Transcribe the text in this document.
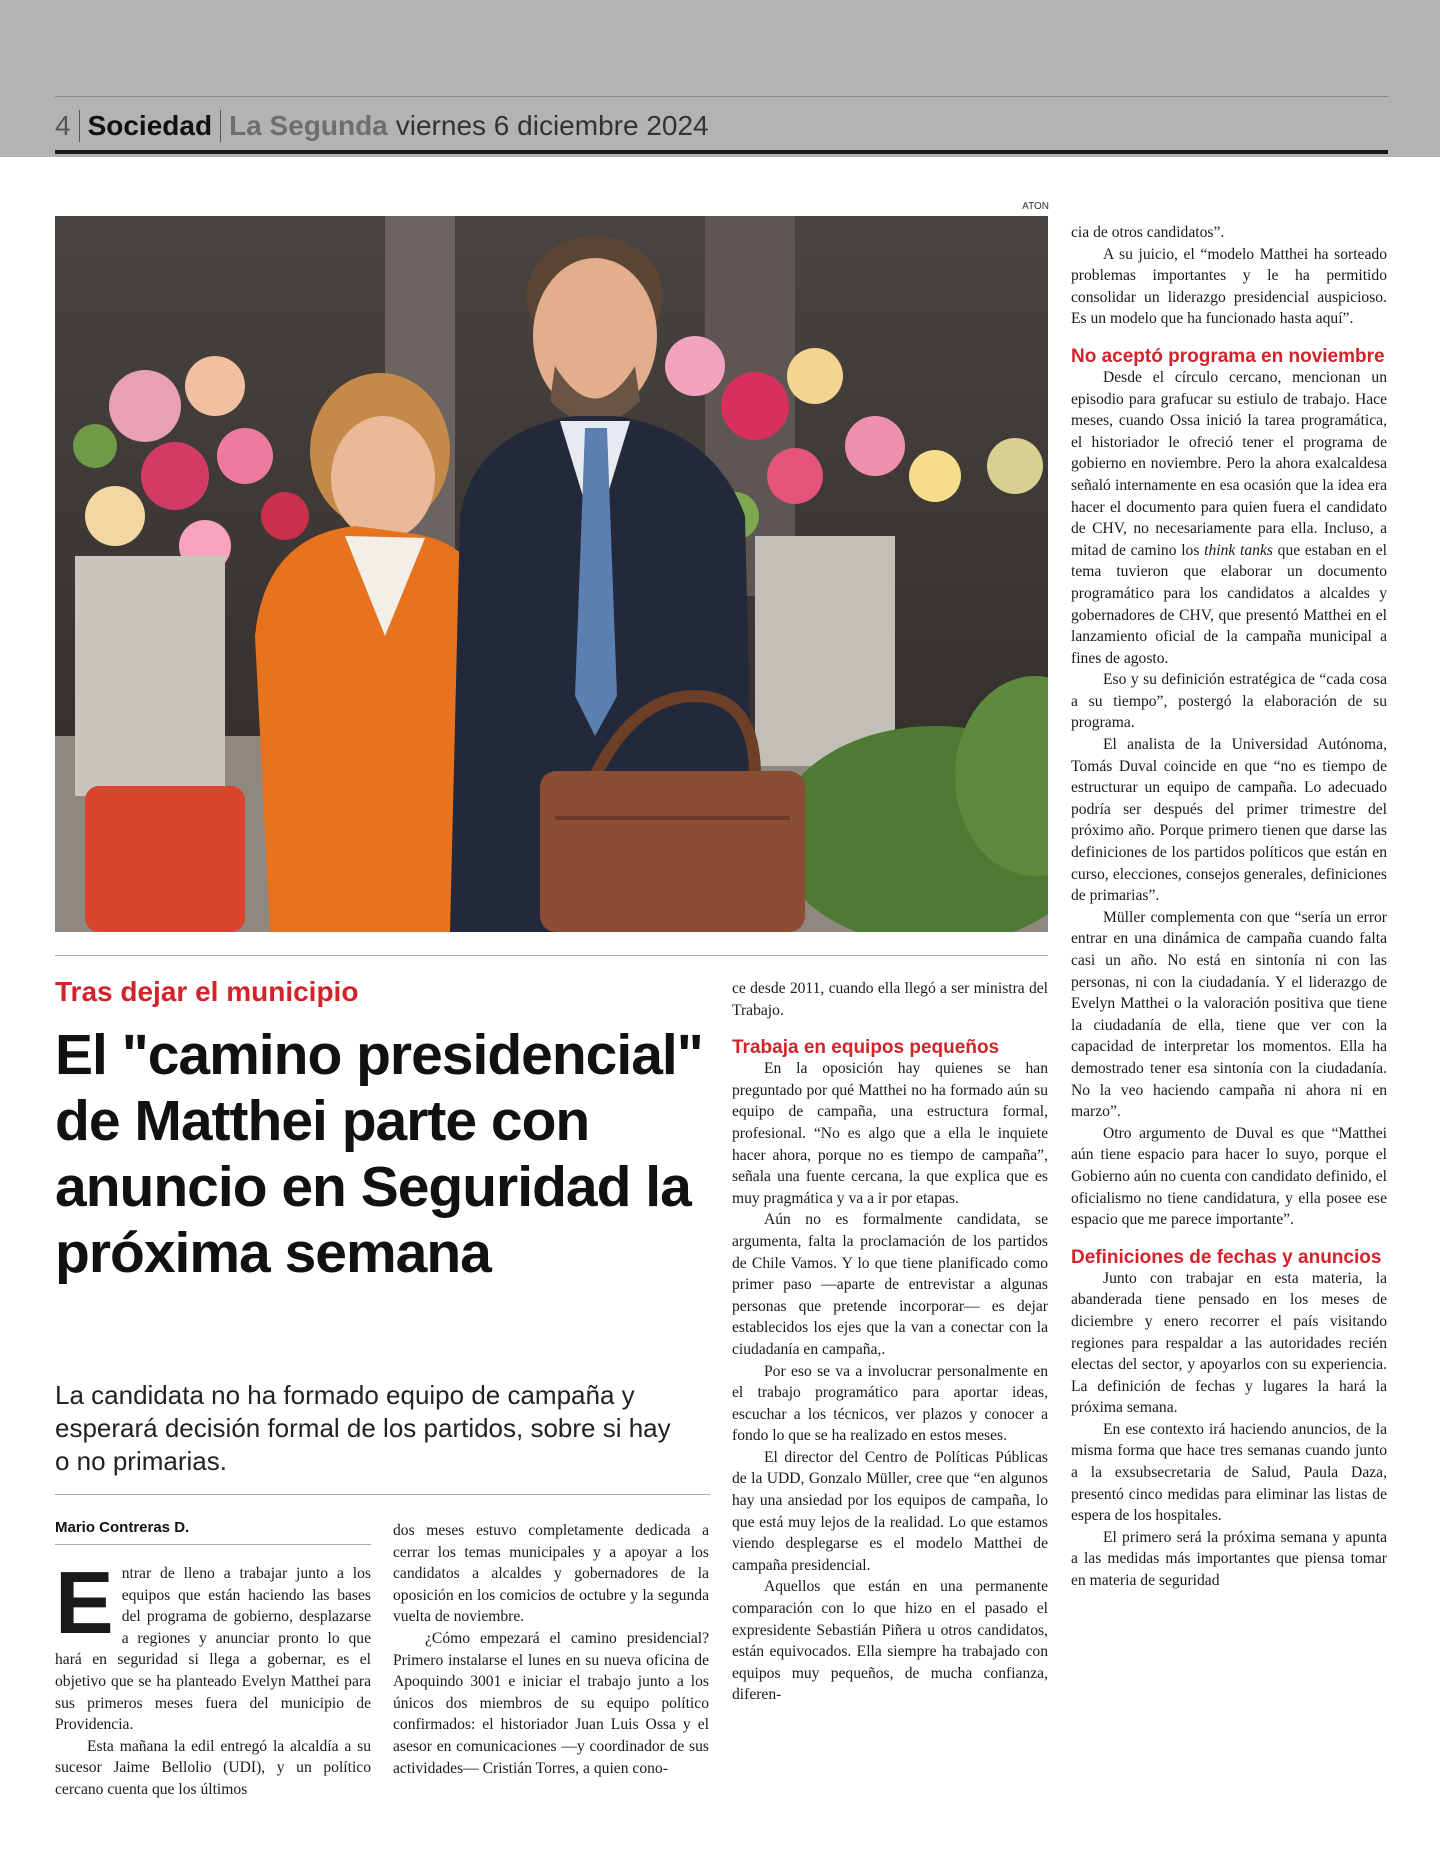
4 Sociedad La Segunda viernes 6 diciembre 2024
ATON
Tras dejar el municipio
El "camino presidencial" de Matthei parte con anuncio en Seguridad la próxima semana
La candidata no ha formado equipo de campaña y esperará decisión formal de los partidos, sobre si hay o no primarias.
Mario Contreras D.
E ntrar de lleno a trabajar junto a los equipos que están haciendo las bases del programa de gobierno, desplazarse a regiones y anunciar pronto lo que hará en seguridad si llega a gobernar, es el objetivo que se ha planteado Evelyn Matthei para sus primeros meses fuera del municipio de Providencia.

Esta mañana la edil entregó la alcaldía a su sucesor Jaime Bellolio (UDI), y un político cercano cuenta que los últimos

dos meses estuvo completamente dedicada a cerrar los temas municipales y a apoyar a los candidatos a alcaldes y gobernadores de la oposición en los comicios de octubre y la segunda vuelta de noviembre.

¿Cómo empezará el camino presidencial? Primero instalarse el lunes en su nueva oficina de Apoquindo 3001 e iniciar el trabajo junto a los únicos dos miembros de su equipo político confirmados: el historiador Juan Luis Ossa y el asesor en comunicaciones —y coordinador de sus actividades— Cristián Torres, a quien cono-

ce desde 2011, cuando ella llegó a ser ministra del Trabajo.

Trabaja en equipos pequeños

En la oposición hay quienes se han preguntado por qué Matthei no ha formado aún su equipo de campaña, una estructura formal, profesional. “No es algo que a ella le inquiete hacer ahora, porque no es tiempo de campaña”, señala una fuente cercana, la que explica que es muy pragmática y va a ir por etapas.

Aún no es formalmente candidata, se argumenta, falta la proclamación de los partidos de Chile Vamos. Y lo que tiene planificado como primer paso —aparte de entrevistar a algunas personas que pretende incorporar— es dejar establecidos los ejes que la van a conectar con la ciudadanía en campaña,.

Por eso se va a involucrar personalmente en el trabajo programático para aportar ideas, escuchar a los técnicos, ver plazos y conocer a fondo lo que se ha realizado en estos meses.

El director del Centro de Políticas Públicas de la UDD, Gonzalo Müller, cree que “en algunos hay una ansiedad por los equipos de campaña, lo que está muy lejos de la realidad. Lo que estamos viendo desplegarse es el modelo Matthei de campaña presidencial.

Aquellos que están en una permanente comparación con lo que hizo en el pasado el expresidente Sebastián Piñera u otros candidatos, están equivocados. Ella siempre ha trabajado con equipos muy pequeños, de mucha confianza, diferen-

cia de otros candidatos”.

A su juicio, el “modelo Matthei ha sorteado problemas importantes y le ha permitido consolidar un liderazgo presidencial auspicioso. Es un modelo que ha funcionado hasta aquí”.

No aceptó programa en noviembre

Desde el círculo cercano, mencionan un episodio para grafucar su estiulo de trabajo. Hace meses, cuando Ossa inició la tarea programática, el historiador le ofreció tener el programa de gobierno en noviembre. Pero la ahora exalcaldesa señaló internamente en esa ocasión que la idea era hacer el documento para quien fuera el candidato de CHV, no necesariamente para ella. Incluso, a mitad de camino los think tanks que estaban en el tema tuvieron que elaborar un documento programático para los candidatos a alcaldes y gobernadores de CHV, que presentó Matthei en el lanzamiento oficial de la campaña municipal a fines de agosto.

Eso y su definición estratégica de “cada cosa a su tiempo”, postergó la elaboración de su programa.

El analista de la Universidad Autónoma, Tomás Duval coincide en que “no es tiempo de estructurar un equipo de campaña. Lo adecuado podría ser después del primer trimestre del próximo año. Porque primero tienen que darse las definiciones de los partidos políticos que están en curso, elecciones, consejos generales, definiciones de primarias”.

Müller complementa con que “sería un error entrar en una dinámica de campaña cuando falta casi un año. No está en sintonía ni con las personas, ni con la ciudadanía. Y el liderazgo de Evelyn Matthei o la valoración positiva que tiene la ciudadanía de ella, tiene que ver con la capacidad de interpretar los momentos. Ella ha demostrado tener esa sintonía con la ciudadanía. No la veo haciendo campaña ni ahora ni en marzo”.

Otro argumento de Duval es que “Matthei aún tiene espacio para hacer lo suyo, porque el Gobierno aún no cuenta con candidato definido, el oficialismo no tiene candidatura, y ella posee ese espacio que me parece importante”.

Definiciones de fechas y anuncios

Junto con trabajar en esta materia, la abanderada tiene pensado en los meses de diciembre y enero recorrer el país visitando regiones para respaldar a las autoridades recién electas del sector, y apoyarlos con su experiencia. La definición de fechas y lugares la hará la próxima semana.

En ese contexto irá haciendo anuncios, de la misma forma que hace tres semanas cuando junto a la exsubsecretaria de Salud, Paula Daza, presentó cinco medidas para eliminar las listas de espera de los hospitales.

El primero será la próxima semana y apunta a las medidas más importantes que piensa tomar en materia de seguridad
